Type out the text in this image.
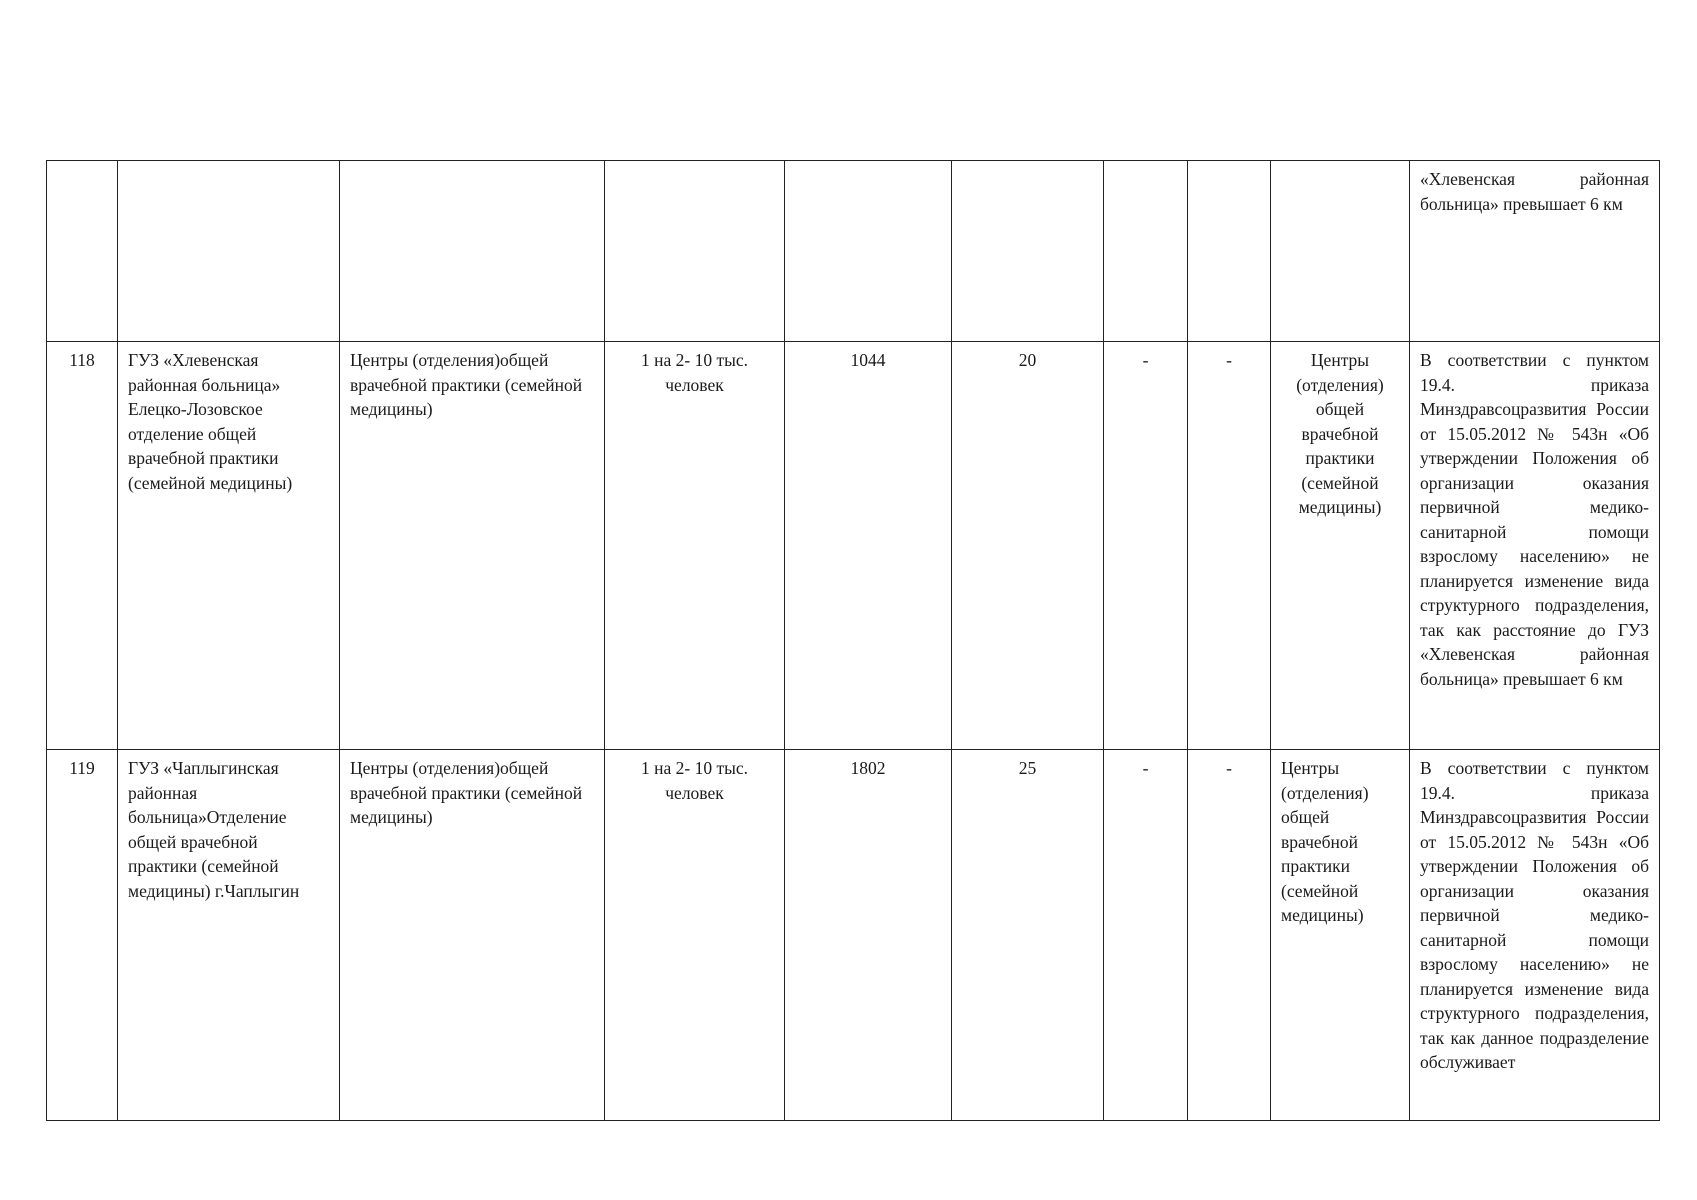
									«Хлевенская районная больница» превышает 6 км

118	ГУЗ «Хлевенская районная больница» Елецко-Лозовское отделение общей врачебной практики (семейной медицины)	Центры (отделения)общей врачебной практики (семейной медицины)	1 на 2- 10 тыс. человек	1044	20	-	-	Центры (отделения) общей врачебной практики (семейной медицины)	В соответствии с пунктом 19.4. приказа Минздравсоцразвития России от 15.05.2012 № 543н «Об утверждении Положения об организации оказания первичной медико-санитарной помощи взрослому населению» не планируется изменение вида структурного подразделения, так как расстояние до ГУЗ «Хлевенская районная больница» превышает 6 км

119	ГУЗ «Чаплыгинская районная больница»Отделение общей врачебной практики (семейной медицины) г.Чаплыгин	Центры (отделения)общей врачебной практики (семейной медицины)	1 на 2- 10 тыс. человек	1802	25	-	-	Центры (отделения) общей врачебной практики (семейной медицины)	В соответствии с пунктом 19.4. приказа Минздравсоцразвития России от 15.05.2012 № 543н «Об утверждении Положения об организации оказания первичной медико-санитарной помощи взрослому населению» не планируется изменение вида структурного подразделения, так как данное подразделение обслуживает
